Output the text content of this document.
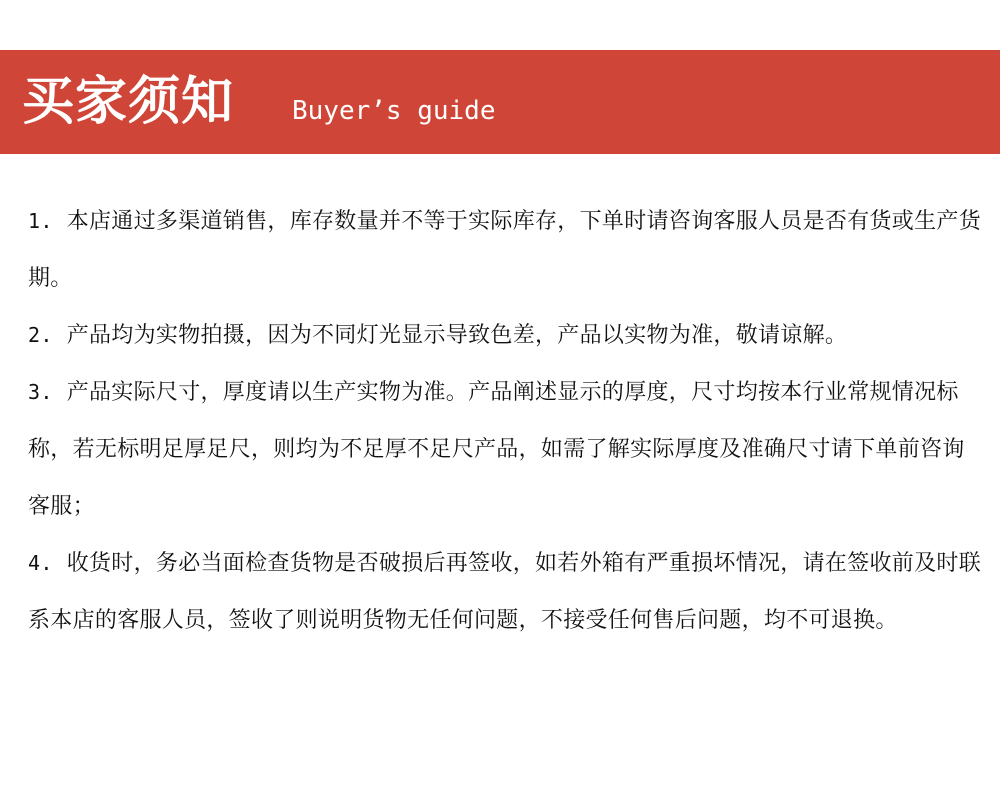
买家须知 Buyer’s guide
1. 本店通过多渠道销售，库存数量并不等于实际库存，下单时请咨询客服人员是否有货或生产货期。
2. 产品均为实物拍摄，因为不同灯光显示导致色差，产品以实物为准，敬请谅解。
3. 产品实际尺寸，厚度请以生产实物为准。产品阐述显示的厚度，尺寸均按本行业常规情况标称，若无标明足厚足尺，则均为不足厚不足尺产品，如需了解实际厚度及准确尺寸请下单前咨询客服；
4. 收货时，务必当面检查货物是否破损后再签收，如若外箱有严重损坏情况，请在签收前及时联系本店的客服人员，签收了则说明货物无任何问题，不接受任何售后问题，均不可退换。
